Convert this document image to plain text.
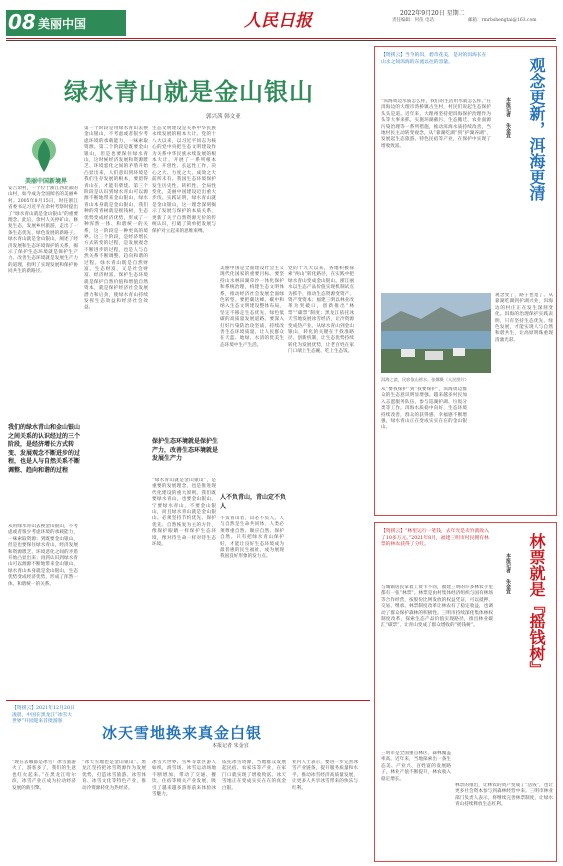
08 美丽中国	人民日报	2022年9月20日 星期二
责任编辑：何苗 电话：	邮箱：rmrbshengtai@163.com
绿水青山就是金山银山
郭兴茜 韩文亚
美丽中国新境界
安吉余村，一个位于浙江西北部的山村，如今成为全国闻名的美丽乡村。2005年8月15日，时任浙江省委书记习近平在余村考察时提出了“绿水青山就是金山银山”的重要理念。此后，余村人关停矿山、修复生态，发展乡村旅游，走出了一条生态优先、绿色发展的新路子。绿水青山就是金山银山，阐述了经济发展和生态环境保护的关系，揭示了保护生态环境就是保护生产力、改善生态环境就是发展生产力的道理，指明了实现发展和保护协同共生的新路径。
我们的绿水青山和金山银山之间关系的认识经过的三个阶段，是经济增长方式转变、发展观念不断进步的过程，也是人与自然关系不断调整、趋向和谐的过程
从用绿水青山去换金山银山，不考虑或者很少考虑环境的承载能力，一味索取资源；到既要金山银山，但是也要保住绿水青山，经济发展和资源匮乏、环境恶化之间的矛盾开始凸显出来；再到认识到绿水青山可以源源不断地带来金山银山，绿水青山本身就是金山银山，生态优势变成经济优势，形成了浑然一体、和谐统一的关系。
第一个阶段是用绿水青山去换金山银山，不考虑或者很少考虑环境的承载能力，一味索取资源。第二个阶段是既要金山银山，但是也要保住绿水青山，这时候经济发展和资源匮乏、环境恶化之间的矛盾开始凸显出来，人们意识到环境是我们生存发展的根本，要留得青山在，才能有柴烧。第三个阶段是认识到绿水青山可以源源不断地带来金山银山，绿水青山本身就是金山银山，我们种的常青树就是摇钱树，生态优势变成经济优势，形成了一种浑然一体、和谐统一的关系，这一阶段是一种更高的境界。这三个阶段，是经济增长方式转变的过程，是发展观念不断进步的过程，也是人与自然关系不断调整、趋向和谐的过程。绿水青山既是自然财富、生态财富，又是社会财富、经济财富。保护生态环境就是保护自然价值和增值自然资本，就是保护经济社会发展潜力和后劲，使绿水青山持续发挥生态效益和经济社会效益。
生态文明建设是关系中华民族永续发展的根本大计。党的十八大以来，以习近平同志为核心的党中央把生态文明建设作为关系中华民族永续发展的根本大计，开展了一系列根本性、开创性、长远性工作，决心之大、力度之大、成效之大前所未有。我国生态环境保护发生历史性、转折性、全局性变化，美丽中国建设迈出重大步伐。实践证明，绿水青山就是金山银山，这一理念深刻揭示了发展与保护的本质关系，更新了关于自然资源无价的传统认识，打破了简单把发展与保护对立起来的思维束缚。
保护生态环境就是保护生产力，改善生态环境就是发展生产力
“绿水青山就是金山银山”，是重要的发展理念，也是推进现代化建设的重大原则。我们既要绿水青山，也要金山银山。宁要绿水青山，不要金山银山，而且绿水青山就是金山银山。必须坚持节约优先、保护优先、自然恢复为主的方针，像保护眼睛一样保护生态环境，像对待生命一样对待生态环境。
美丽中国是全面建设社会主义现代化国家的重要目标。要坚持山水林田湖草沙一体化保护和系统治理，构建生态文明体系，推动经济社会发展全面绿色转型。要把碳达峰、碳中和纳入生态文明建设整体布局，坚定不移走生态优先、绿色低碳的高质量发展道路。要深入打好污染防治攻坚战，持续改善生态环境质量，让人民群众在天蓝、地绿、水清的优美生态环境中生产生活。
人不负青山，青山定不负人
不负青山者，山必不负人。人与自然是生命共同体，人类必须尊重自然、顺应自然、保护自然。只有把绿水青山保护好，才能让良好生态环境成为最普惠的民生福祉，成为展现我国良好形象的发力点。
党的十九大以来，各地积极探索“两山”转化路径，在实践中把绿水青山变成金山银山。浙江丽水以生态产品价值实现机制试点为抓手，推动生态资源变资产、资产变资本；福建三明以林业改革为突破口，创新推出“林票”“碳票”制度；黑龙江依托冰天雪地发展冰雪经济，让冷资源变成热产业。从绿水青山到金山银山，转化的关键在于找准路径、创新机制，让生态优势持续转化为发展优势，让老百姓在家门口端上生态碗、吃上生态饭。
【资援云】当今的洱，碧奇花美，是对的洱海长在山水之间洱海的东流以往的容量。	观念更新，洱海更清
本报记者 朱金宜
“洱海周边水质怎么样，我们的生活用水就怎么样。”在洱海边的大理市湾桥镇古生村，村民们说起生态保护头头是道。近年来，大理州坚持把洱海保护治理作为头等大事来抓，实施环湖截污、生态搬迁、农业面源污染治理等一系列措施，推动洱海水质持续改善。当地村民主动转变观念，从“靠湖吃湖”到“护湖养湖”，发展起生态旅游、特色民宿等产业，在保护中实现了增收致富。
洱海之滨，民宿依山傍水。张娜摄（人民图片）
从“要我保护”到“我要保护”，洱海周边群众的生态意识明显增强。越来越多村民加入志愿服务队伍，参与巡湖护湖、垃圾分类等工作。洱海水质稳中向好，生态环境持续改善，群众的获得感、幸福感不断增强，绿水青山正在变成实实在在的金山银山。
观念变了，路子也宽了。从靠湖吃湖到护湖兴业，洱海边的村庄正在发生深刻变化。洱海的治理保护实践表明，只有坚持生态优先、绿色发展，才能实现人与自然和谐共生，让高原明珠重现清澈光彩。
【资援云】“林里运行一笔钱，去年光是卖竹就收入了10多万元。”2021年8月，福建三明市村民拥有林票的林农获得了分红。	林票就是『摇钱树』
本报记者 朱金宜
与城镇居民拿着工资卡不同，福建三明的许多林农手里都有一张“林票”。林票是由村集体经济组织与国有林场等合作经营，按股份比例发放的权益凭证，可以抵押、交易、继承。林票制度改革让林农有了稳定收益，也调动了群众保护森林的积极性。三明市持续深化集体林权制度改革，探索生态产品价值实现路径，推出林业碳汇“碳票”，让青山变成了群众增收的“摇钱树”。
三明市是全国重点林区，森林覆盖率高。近年来，当地探索出一条生态美、产业兴、百姓富的发展路子，林业产值不断提升，林农收入稳定增长。
林票的推出，让林农的资产变成了“活钱”，也让更多社会资本参与到森林经营中来。三明市林业部门负责人表示，将继续完善林票制度，让绿水青山持续释放生态红利。
【资援云】2021年12月20日凌晨，中国在黑龙江“冰雪大世界”开园迎来首批游客
冰天雪地换来真金白银
本报记者 朱金宜
“现在去哪都是冰雪！冰雪旅游火了，游客多了，我们的生意也红火起来。”在黑龙江哈尔滨，冰雪产业正成为拉动经济发展的新引擎。
“冰天雪地也是金山银山”。黑龙江坚持把冰雪资源作为发展优势，打造冰雪旅游、冰雪体育、冰雪文化等特色产业，推动冷资源转化为热经济。
冰雪大世界、雪乡等景区游人如织，滑雪场、冰雪运动场地不断增加，带动了交通、餐饮、住宿等相关产业发展，吸引了越来越多游客前来体验冰雪魅力。
依托冰雪资源，当地群众发展起民宿、农家乐等产业，在家门口就实现了增收致富。冰天雪地正在变成实实在在的真金白银。
业内人士表示，要进一步完善冰雪产业链条，提升服务质量和水平，推动冰雪经济高质量发展，让更多人共享冰雪带来的快乐与红利。
